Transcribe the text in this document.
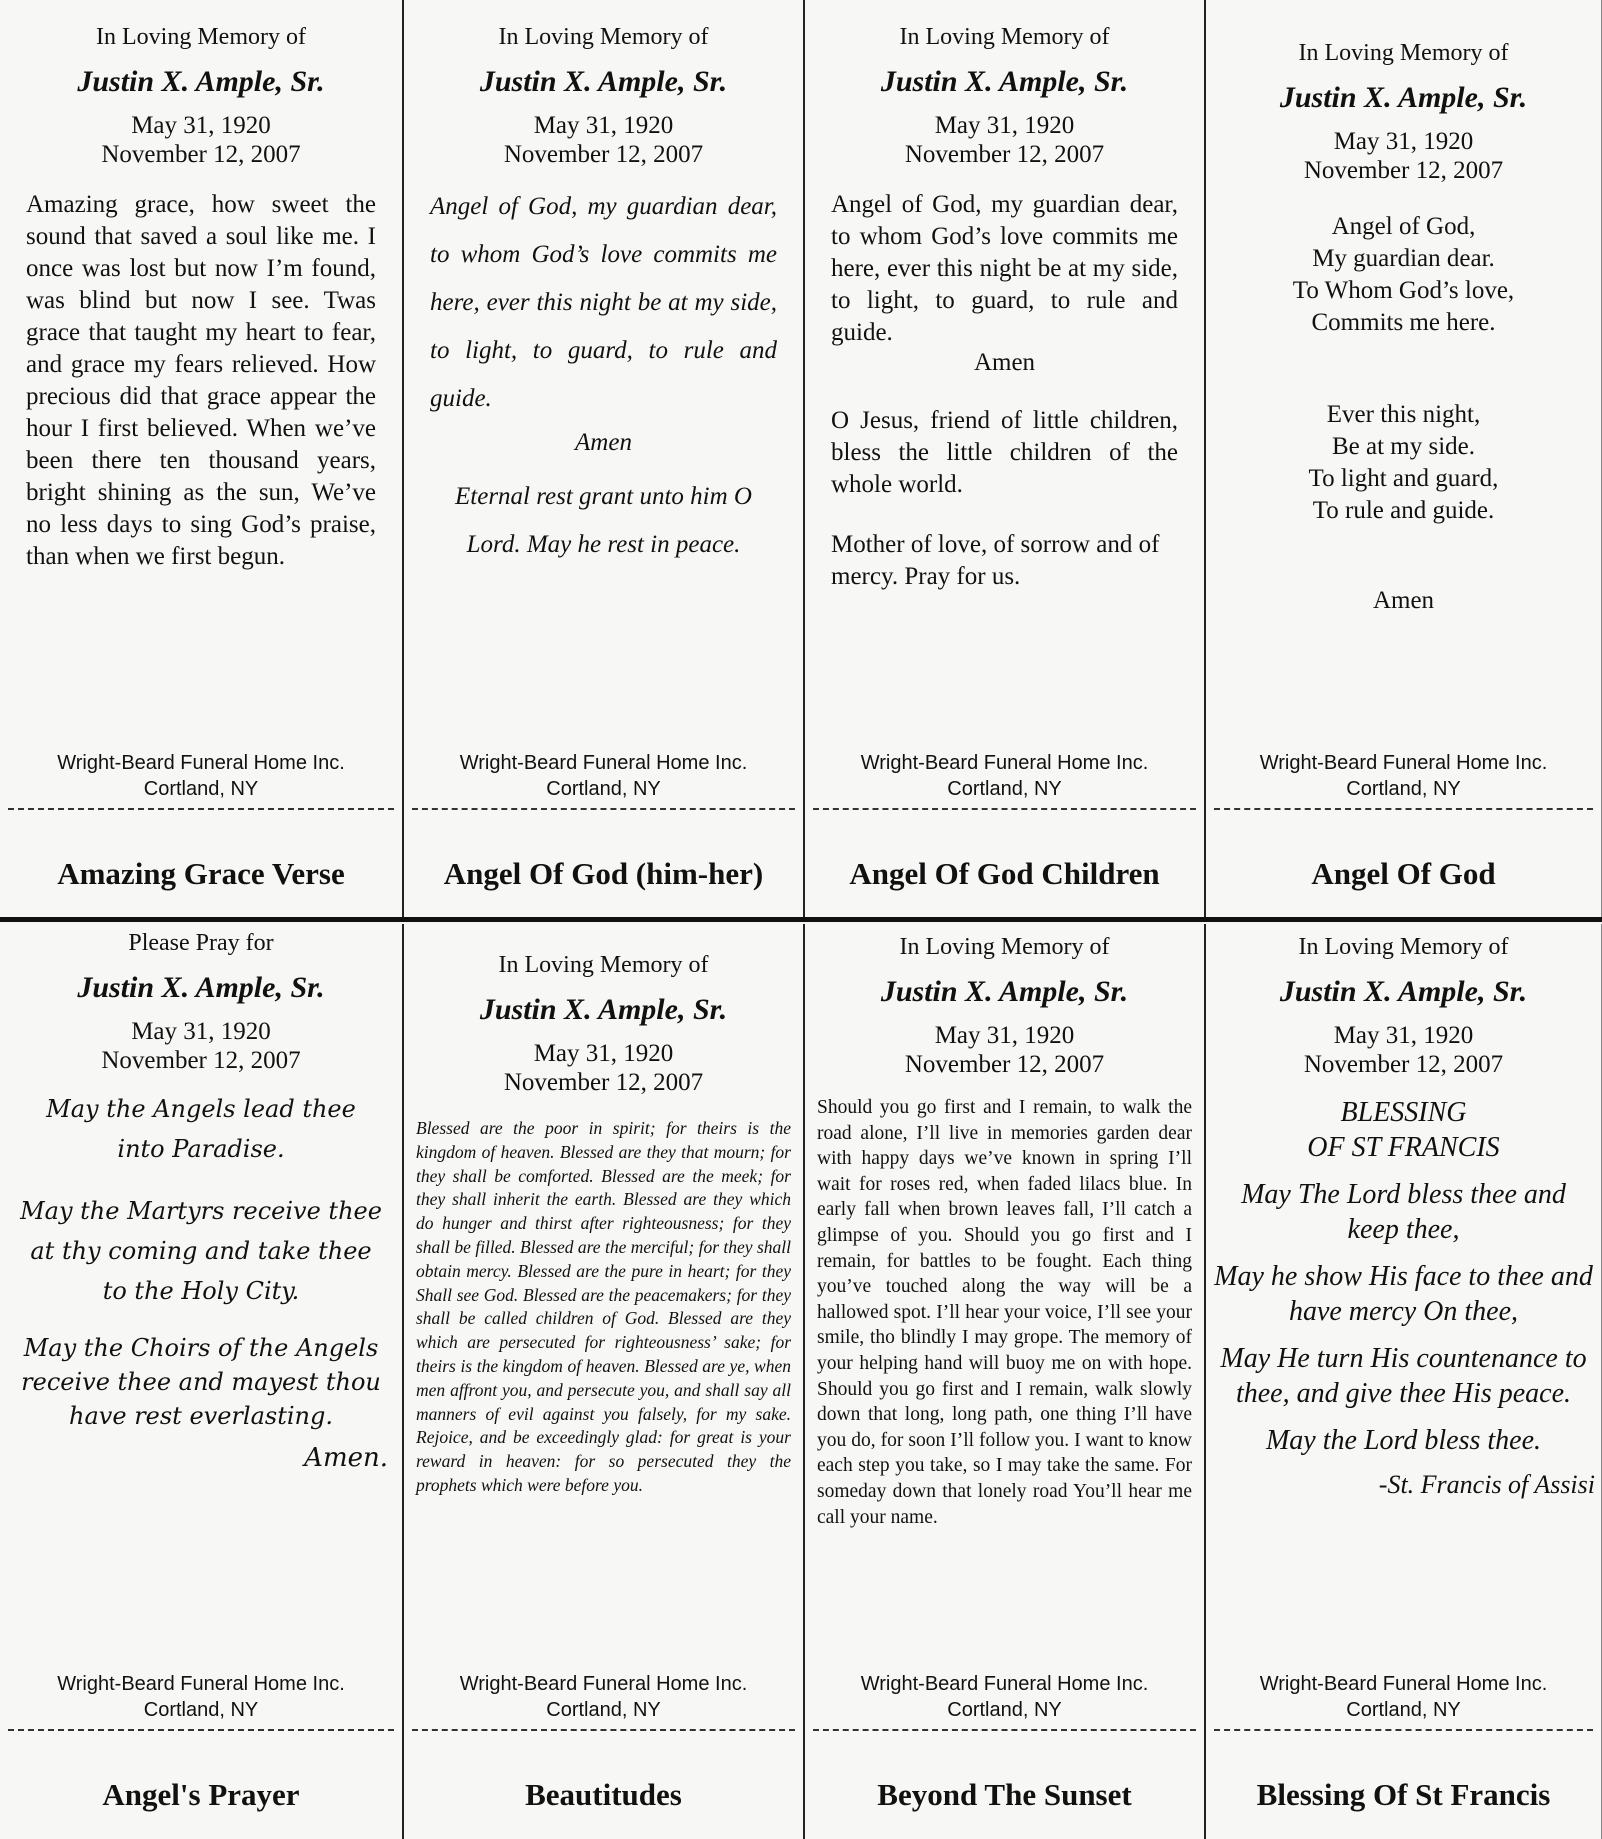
In Loving Memory of
Justin X. Ample, Sr.
May 31, 1920
November 12, 2007
Amazing grace, how sweet the sound that saved a soul like me. I once was lost but now I’m found, was blind but now I see. Twas grace that taught my heart to fear, and grace my fears relieved. How precious did that grace appear the hour I first believed. When we’ve been there ten thousand years, bright shining as the sun, We’ve no less days to sing God’s praise, than when we first begun.
Wright-Beard Funeral Home Inc.
Cortland, NY
Amazing Grace Verse
In Loving Memory of
Justin X. Ample, Sr.
May 31, 1920
November 12, 2007
Angel of God, my guardian dear, to whom God’s love commits me here, ever this night be at my side, to light, to guard, to rule and guide.
Amen
Eternal rest grant unto him O Lord. May he rest in peace.
Wright-Beard Funeral Home Inc.
Cortland, NY
Angel Of God (him-her)
In Loving Memory of
Justin X. Ample, Sr.
May 31, 1920
November 12, 2007
Angel of God, my guardian dear, to whom God’s love commits me here, ever this night be at my side, to light, to guard, to rule and guide.
Amen
O Jesus, friend of little children, bless the little children of the whole world.
Mother of love, of sorrow and of mercy. Pray for us.
Wright-Beard Funeral Home Inc.
Cortland, NY
Angel Of God Children
In Loving Memory of
Justin X. Ample, Sr.
May 31, 1920
November 12, 2007
Angel of God,
My guardian dear.
To Whom God’s love,
Commits me here.
Ever this night,
Be at my side.
To light and guard,
To rule and guide.
Amen
Wright-Beard Funeral Home Inc.
Cortland, NY
Angel Of God
Please Pray for
Justin X. Ample, Sr.
May 31, 1920
November 12, 2007
May the Angels lead thee into Paradise.
May the Martyrs receive thee at thy coming and take thee to the Holy City.
May the Choirs of the Angels receive thee and mayest thou have rest everlasting.
Amen.
Wright-Beard Funeral Home Inc.
Cortland, NY
Angel's Prayer
In Loving Memory of
Justin X. Ample, Sr.
May 31, 1920
November 12, 2007
Blessed are the poor in spirit; for theirs is the kingdom of heaven. Blessed are they that mourn; for they shall be comforted. Blessed are the meek; for they shall inherit the earth. Blessed are they which do hunger and thirst after righteousness; for they shall be filled. Blessed are the merciful; for they shall obtain mercy. Blessed are the pure in heart; for they Shall see God. Blessed are the peacemakers; for they shall be called children of God. Blessed are they which are persecuted for righteousness’ sake; for theirs is the kingdom of heaven. Blessed are ye, when men affront you, and persecute you, and shall say all manners of evil against you falsely, for my sake. Rejoice, and be exceedingly glad: for great is your reward in heaven: for so persecuted they the prophets which were before you.
Wright-Beard Funeral Home Inc.
Cortland, NY
Beautitudes
In Loving Memory of
Justin X. Ample, Sr.
May 31, 1920
November 12, 2007
Should you go first and I remain, to walk the road alone, I’ll live in memories garden dear with happy days we’ve known in spring I’ll wait for roses red, when faded lilacs blue. In early fall when brown leaves fall, I’ll catch a glimpse of you. Should you go first and I remain, for battles to be fought. Each thing you’ve touched along the way will be a hallowed spot. I’ll hear your voice, I’ll see your smile, tho blindly I may grope. The memory of your helping hand will buoy me on with hope. Should you go first and I remain, walk slowly down that long, long path, one thing I’ll have you do, for soon I’ll follow you. I want to know each step you take, so I may take the same. For someday down that lonely road You’ll hear me call your name.
Wright-Beard Funeral Home Inc.
Cortland, NY
Beyond The Sunset
In Loving Memory of
Justin X. Ample, Sr.
May 31, 1920
November 12, 2007
BLESSING

OF ST FRANCIS

May The Lord bless thee and keep thee,

May he show His face to thee and have mercy On thee,

May He turn His countenance to thee, and give thee His peace.

May the Lord bless thee.

-St. Francis of Assisi
Wright-Beard Funeral Home Inc.
Cortland, NY
Blessing Of St Francis
